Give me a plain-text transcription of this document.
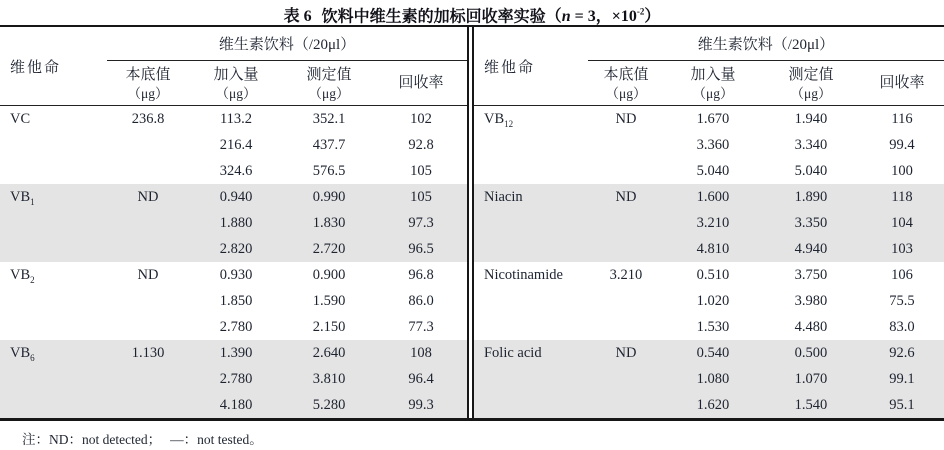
表 6 饮料中维生素的加标回收率实验（n = 3，$\times 10^{-2}$）
维他命	维生素饮料（/20μl）			

本底值
（μg）

加入量
（μg）

测定值
（μg）

回收率

VC	236.8	113.2	352.1	102
		216.4	437.7	92.8
		324.6	576.5	105
$VB_1$	ND	0.940	0.990	105
		1.880	1.830	97.3
		2.820	2.720	96.5
$VB_2$	ND	0.930	0.900	96.8
		1.850	1.590	86.0
		2.780	2.150	77.3
$VB_6$	1.130	1.390	2.640	108
		2.780	3.810	96.4
		4.180	5.280	99.3
维他命	维生素饮料（/20μl）			

本底值
（μg）

加入量
（μg）

测定值
（μg）

回收率

$VB_{12}$	ND	1.670	1.940	116
		3.360	3.340	99.4
		5.040	5.040	100
Niacin	ND	1.600	1.890	118
		3.210	3.350	104
		4.810	4.940	103
Nicotinamide	3.210	0.510	3.750	106
		1.020	3.980	75.5
		1.530	4.480	83.0
Folic acid	ND	0.540	0.500	92.6
		1.080	1.070	99.1
		1.620	1.540	95.1
注：ND：not detected； —：not tested。
